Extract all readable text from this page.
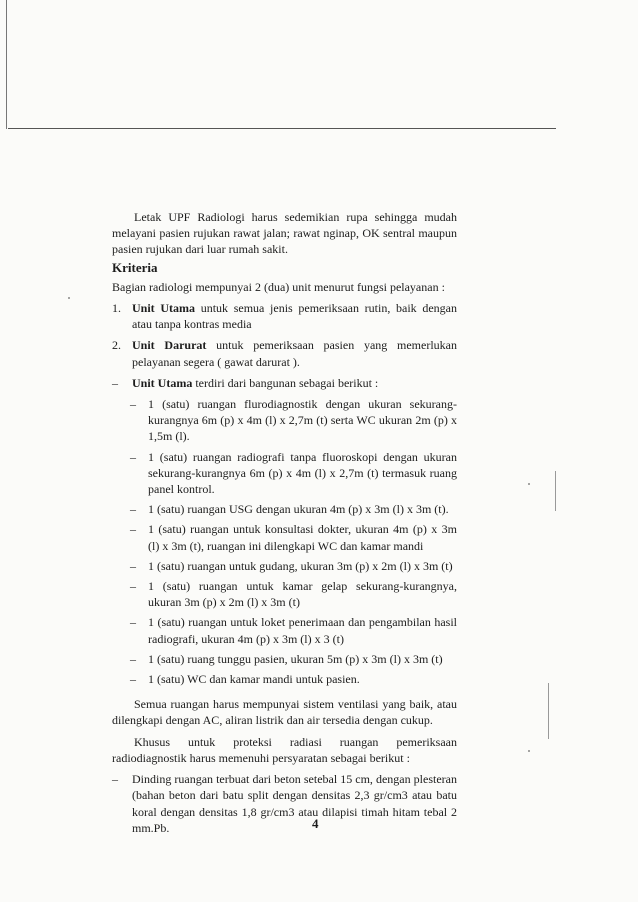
Letak UPF Radiologi harus sedemikian rupa sehingga mudah melayani pasien rujukan rawat jalan; rawat nginap, OK sentral maupun pasien rujukan dari luar rumah sakit.

Kriteria

Bagian radiologi mempunyai 2 (dua) unit menurut fungsi pelayanan :

1. Unit Utama untuk semua jenis pemeriksaan rutin, baik dengan atau tanpa kontras media
2. Unit Darurat untuk pemeriksaan pasien yang memerlukan pelayanan segera ( gawat darurat ).
–	Unit Utama terdiri dari bangunan sebagai berikut :
–	1 (satu) ruangan flurodiagnostik dengan ukuran sekurang-kurangnya 6m (p) x 4m (l) x 2,7m (t) serta WC ukuran 2m (p) x 1,5m (l).
–	1 (satu) ruangan radiografi tanpa fluoroskopi dengan ukuran sekurang-kurangnya 6m (p) x 4m (l) x 2,7m (t) termasuk ruang panel kontrol.
–	1 (satu) ruangan USG dengan ukuran 4m (p) x 3m (l) x 3m (t).
–	1 (satu) ruangan untuk konsultasi dokter, ukuran 4m (p) x 3m (l) x 3m (t), ruangan ini dilengkapi WC dan kamar mandi
–	1 (satu) ruangan untuk gudang, ukuran 3m (p) x 2m (l) x 3m (t)
–	1 (satu) ruangan untuk kamar gelap sekurang-kurangnya, ukuran 3m (p) x 2m (l) x 3m (t)
–	1 (satu) ruangan untuk loket penerimaan dan pengambilan hasil radiografi, ukuran 4m (p) x 3m (l) x 3 (t)
–	1 (satu) ruang tunggu pasien, ukuran 5m (p) x 3m (l) x 3m (t)
–	1 (satu) WC dan kamar mandi untuk pasien.

Semua ruangan harus mempunyai sistem ventilasi yang baik, atau dilengkapi dengan AC, aliran listrik dan air tersedia dengan cukup.

Khusus untuk proteksi radiasi ruangan pemeriksaan radiodiagnostik harus memenuhi persyaratan sebagai berikut :

–	Dinding ruangan terbuat dari beton setebal 15 cm, dengan plesteran (bahan beton dari batu split dengan densitas 2,3 gr/cm3 atau batu koral dengan densitas 1,8 gr/cm3 atau dilapisi timah hitam tebal 2 mm.Pb.	4
